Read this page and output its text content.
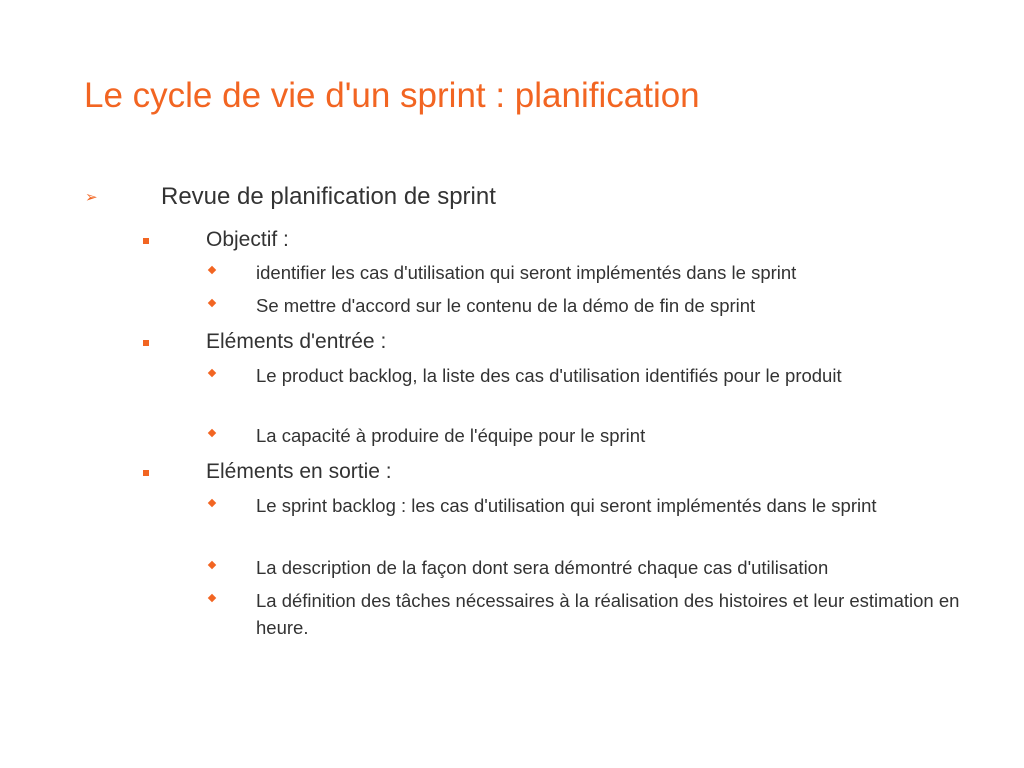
Le cycle de vie d'un sprint : planification
➢	Revue de planification de sprint
Objectif :
identifier les cas d'utilisation qui seront implémentés dans le sprint
Se mettre d'accord sur le contenu de la démo de fin de sprint
Eléments d'entrée :
Le product backlog, la liste des cas d'utilisation identifiés pour le produit
La capacité à produire de l'équipe pour le sprint
Eléments en sortie :
Le sprint backlog : les cas d'utilisation qui seront implémentés dans le sprint
La description de la façon dont sera démontré chaque cas d'utilisation
La définition des tâches nécessaires à la réalisation des histoires et leur estimation en heure.
